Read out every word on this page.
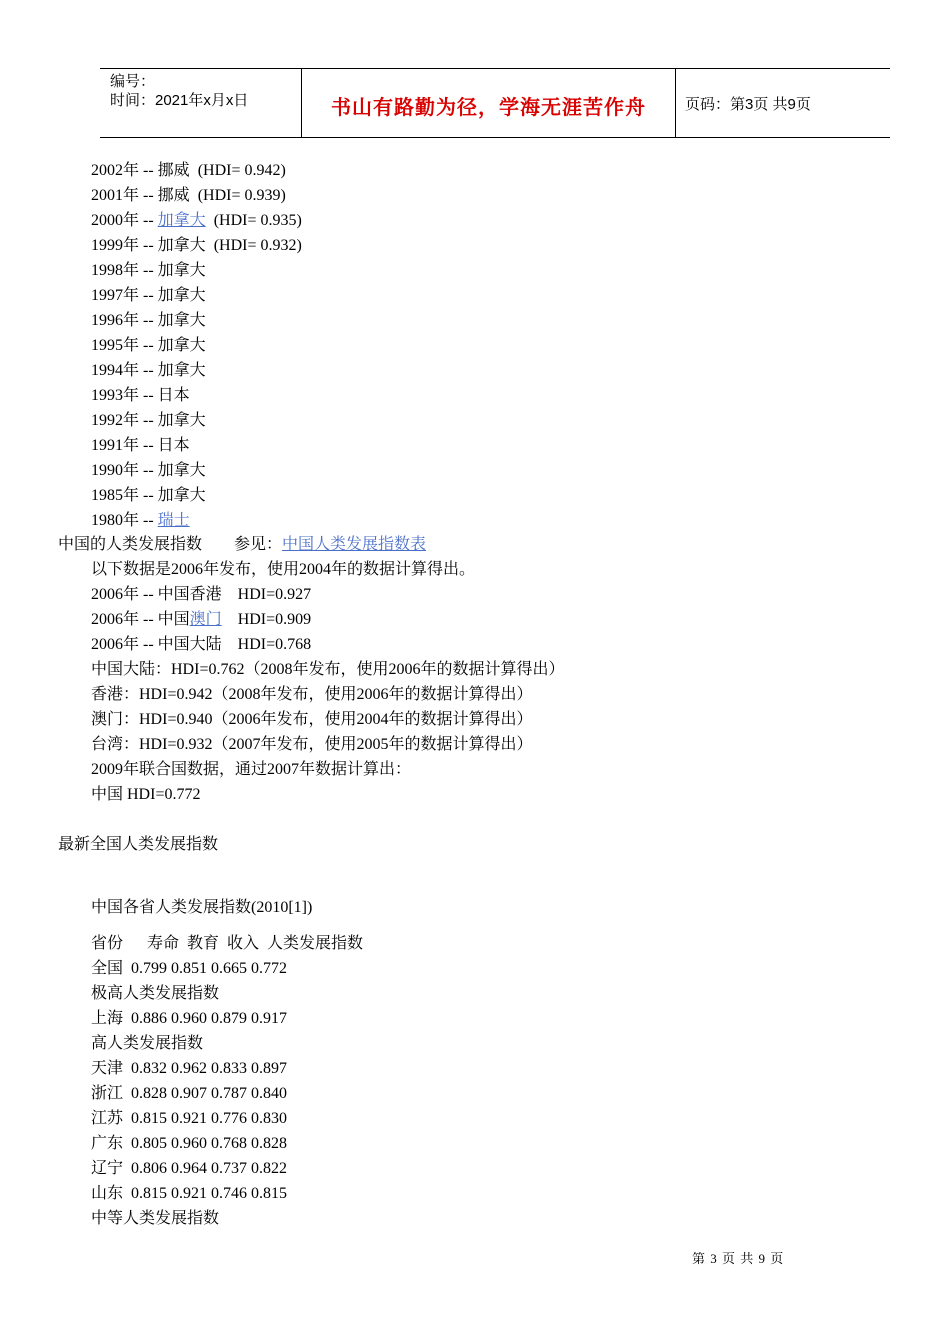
编号：
时间：2021年x月x日	书山有路勤为径，学海无涯苦作舟	页码：第3页 共9页
2002年 -- 挪威  (HDI= 0.942)
2001年 -- 挪威  (HDI= 0.939)
2000年 -- 加拿大  (HDI= 0.935)
1999年 -- 加拿大  (HDI= 0.932)
1998年 -- 加拿大
1997年 -- 加拿大
1996年 -- 加拿大
1995年 -- 加拿大
1994年 -- 加拿大
1993年 -- 日本
1992年 -- 加拿大
1991年 -- 日本
1990年 -- 加拿大
1985年 -- 加拿大
1980年 -- 瑞士
中国的人类发展指数 参见：中国人类发展指数表
以下数据是2006年发布，使用2004年的数据计算得出。
2006年 -- 中国香港    HDI=0.927
2006年 -- 中国澳门    HDI=0.909
2006年 -- 中国大陆    HDI=0.768
中国大陆：HDI=0.762（2008年发布，使用2006年的数据计算得出）
香港：HDI=0.942（2008年发布，使用2006年的数据计算得出）
澳门：HDI=0.940（2006年发布，使用2004年的数据计算得出）
台湾：HDI=0.932（2007年发布，使用2005年的数据计算得出）
2009年联合国数据，通过2007年数据计算出：
中国 HDI=0.772
最新全国人类发展指数
中国各省人类发展指数(2010[1])
省份      寿命  教育  收入  人类发展指数
全国  0.799 0.851 0.665 0.772
极高人类发展指数
上海  0.886 0.960 0.879 0.917
高人类发展指数
天津  0.832 0.962 0.833 0.897
浙江  0.828 0.907 0.787 0.840
江苏  0.815 0.921 0.776 0.830
广东  0.805 0.960 0.768 0.828
辽宁  0.806 0.964 0.737 0.822
山东  0.815 0.921 0.746 0.815
中等人类发展指数
第 3 页 共 9 页
